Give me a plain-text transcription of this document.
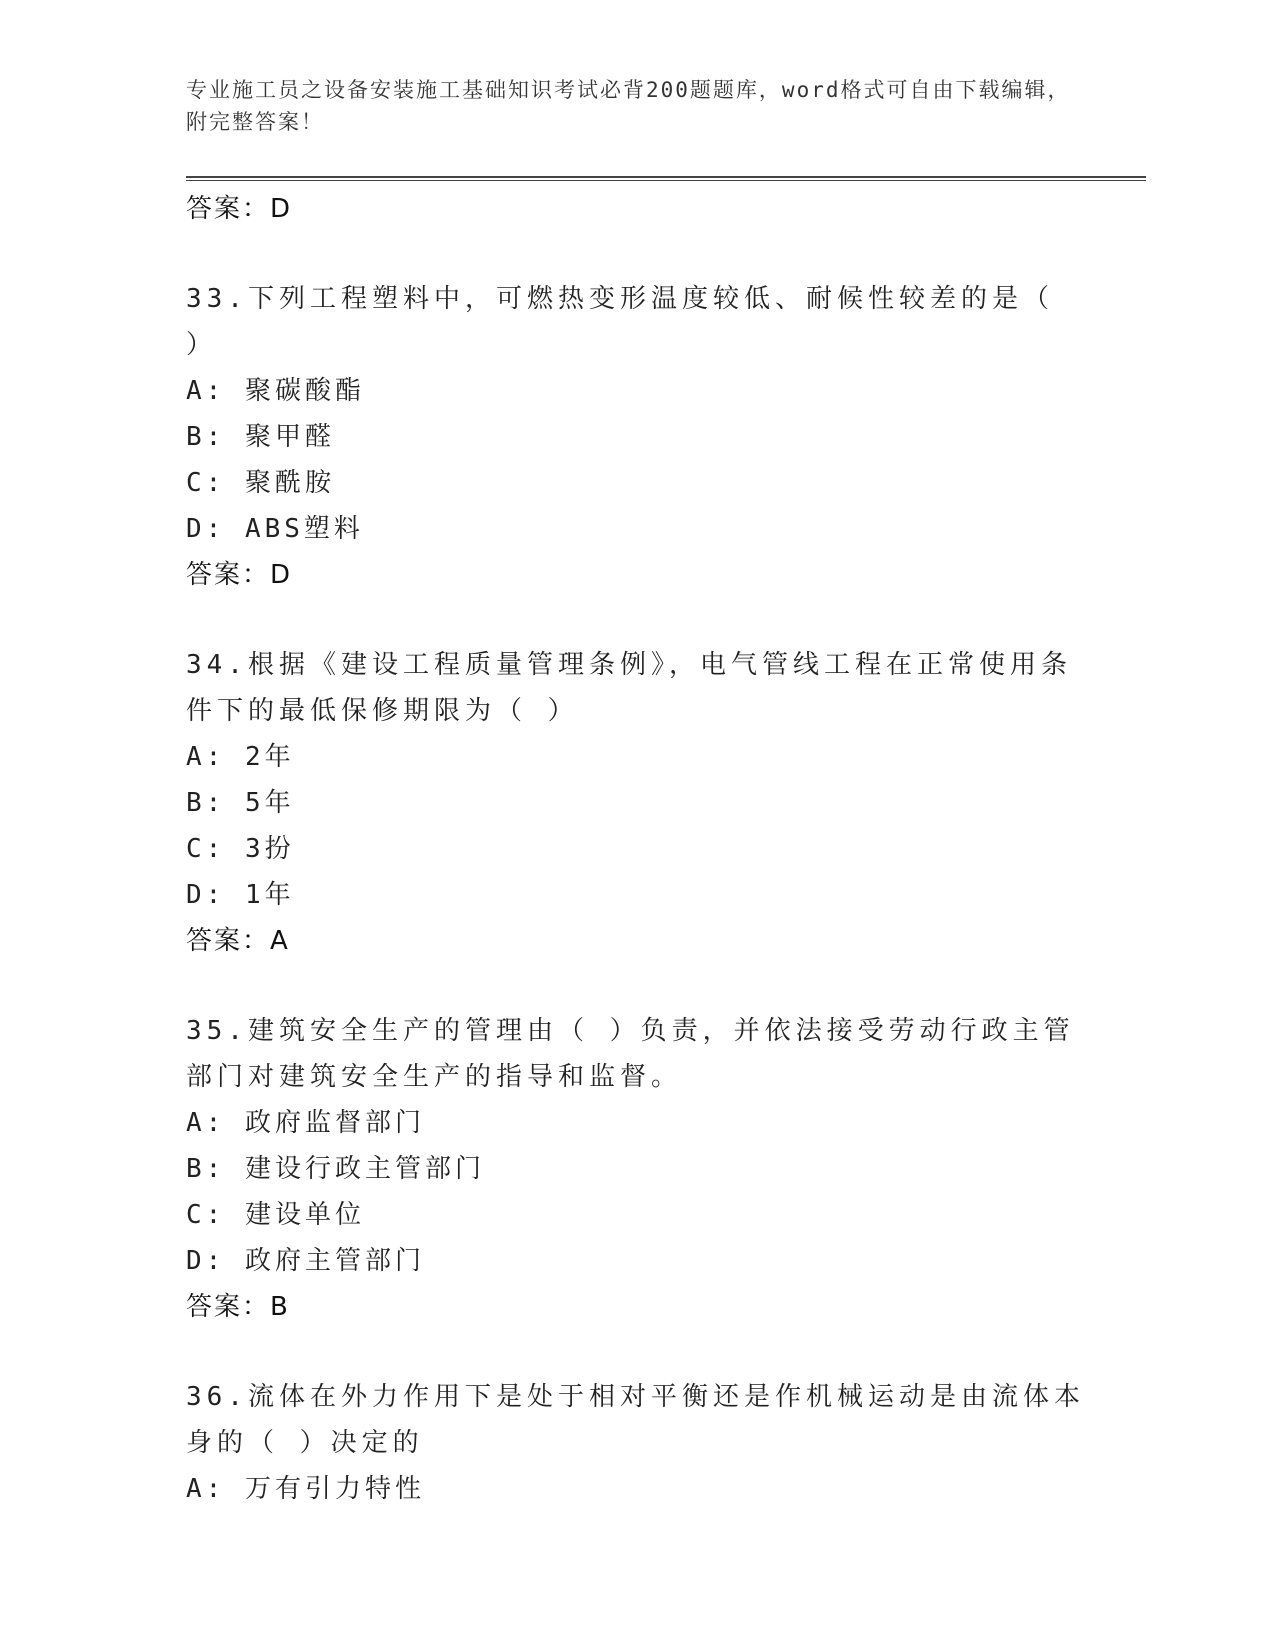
专业施工员之设备安装施工基础知识考试必背200题题库，word格式可自由下载编辑，附完整答案！

答案：D

33.下列工程塑料中，可燃热变形温度较低、耐候性较差的是（ ）

A: 聚碳酸酯

B: 聚甲醛

C: 聚酰胺

D: ABS塑料

答案：D

34.根据《建设工程质量管理条例》，电气管线工程在正常使用条件下的最低保修期限为（ ）

A: 2年

B: 5年

C: 3扮

D: 1年

答案：A

35.建筑安全生产的管理由（ ）负责，并依法接受劳动行政主管部门对建筑安全生产的指导和监督。

A: 政府监督部门

B: 建设行政主管部门

C: 建设单位

D: 政府主管部门

答案：B

36.流体在外力作用下是处于相对平衡还是作机械运动是由流体本身的（ ）决定的

A: 万有引力特性
